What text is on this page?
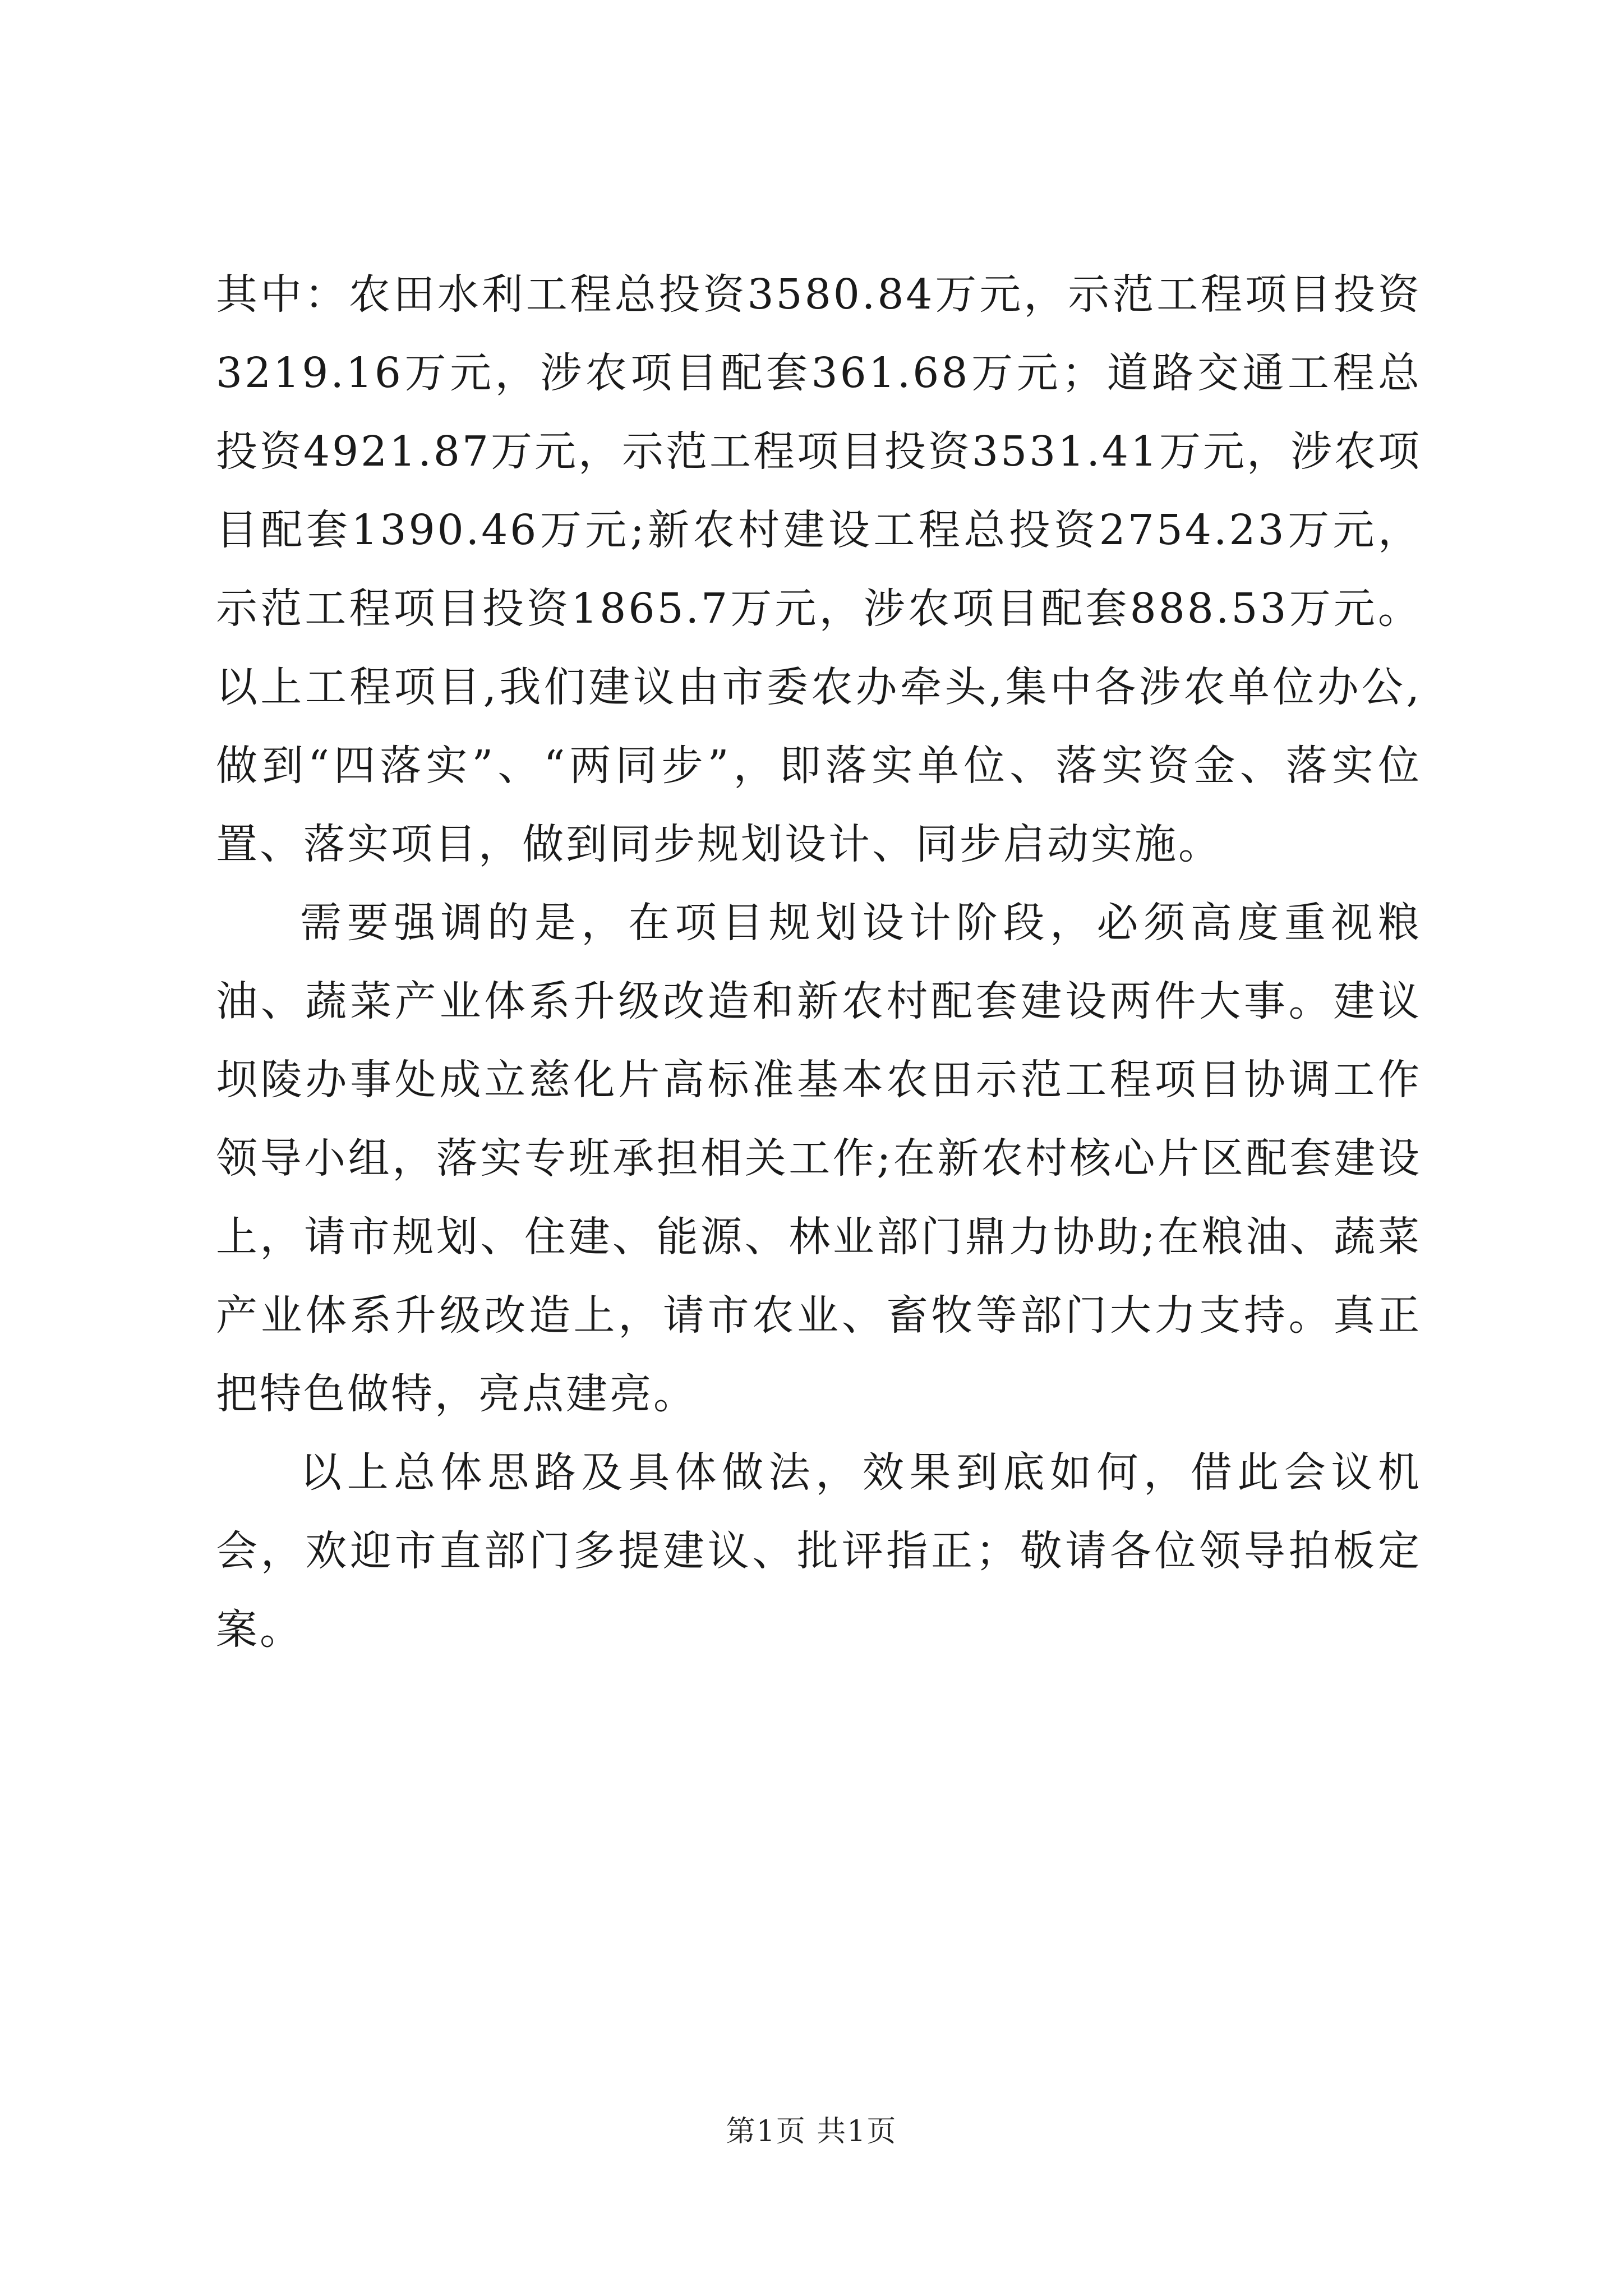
其中：农田水利工程总投资3580.84万元，示范工程项目投资3219.16万元，涉农项目配套361.68万元；道路交通工程总投资4921.87万元，示范工程项目投资3531.41万元，涉农项目配套1390.46万元;新农村建设工程总投资2754.23万元，示范工程项目投资1865.7万元，涉农项目配套888.53万元。以上工程项目,我们建议由市委农办牵头,集中各涉农单位办公,做到“四落实”、“两同步”，即落实单位、落实资金、落实位置、落实项目，做到同步规划设计、同步启动实施。

需要强调的是，在项目规划设计阶段，必须高度重视粮油、蔬菜产业体系升级改造和新农村配套建设两件大事。建议坝陵办事处成立慈化片高标准基本农田示范工程项目协调工作领导小组，落实专班承担相关工作;在新农村核心片区配套建设上，请市规划、住建、能源、林业部门鼎力协助;在粮油、蔬菜产业体系升级改造上，请市农业、畜牧等部门大力支持。真正把特色做特，亮点建亮。

以上总体思路及具体做法，效果到底如何，借此会议机会，欢迎市直部门多提建议、批评指正；敬请各位领导拍板定案。

第1页 共1页
